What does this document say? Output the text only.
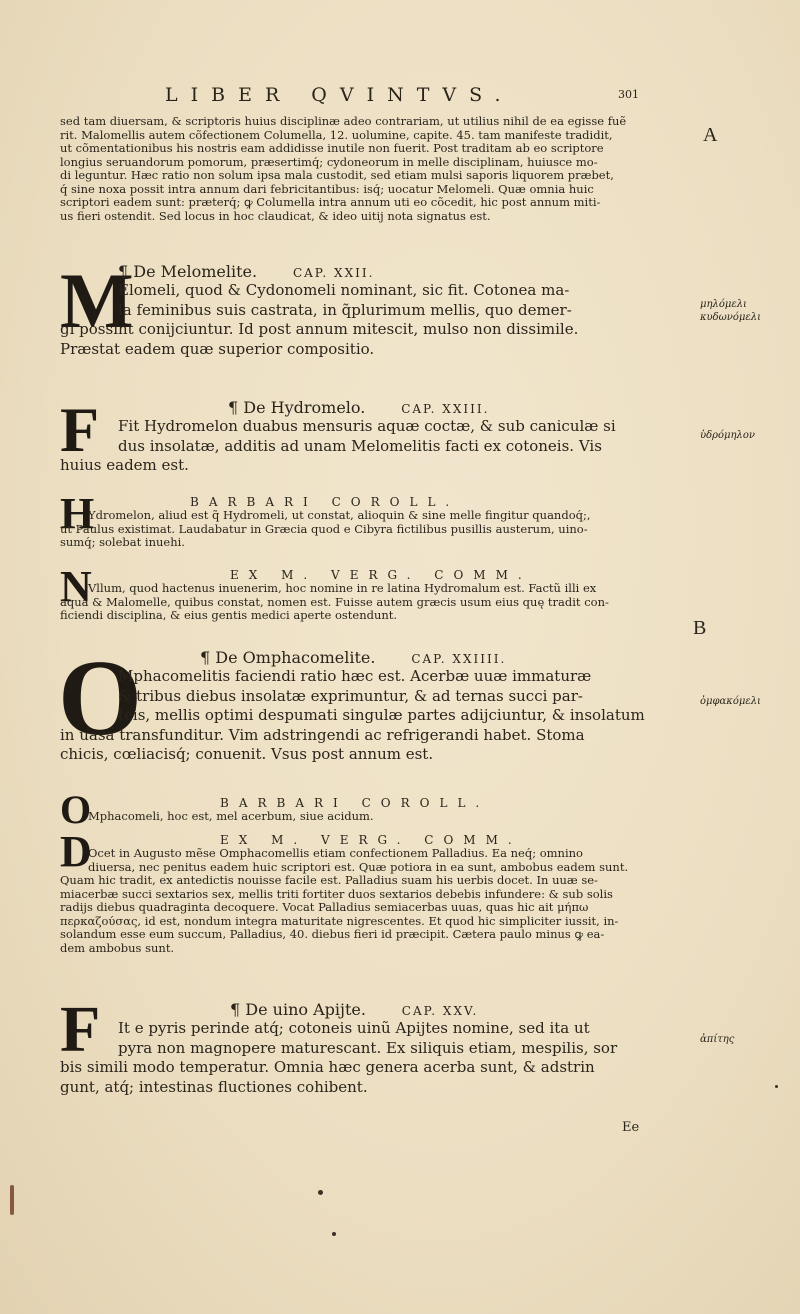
LIBER QVINTVS.	301
A
B
sed tam diuersam, & scriptoris huius disciplinæ adeo contrariam, ut utilius nihil de ea egisse fuẽ
rit. Malomellis autem cõfectionem Columella, 12. uolumine, capite. 45. tam manifeste tradidit,
ut cõmentationibus his nostris eam addidisse inutile non fuerit. Post traditam ab eo scriptore
longius seruandorum pomorum, præsertimq́; cydoneorum in melle disciplinam, huiusce mo-
di leguntur. Hæc ratio non solum ipsa mala custodit, sed etiam mulsi saporis liquorem præbet,
q́ sine noxa possit intra annum dari febricitantibus: isq́; uocatur Melomeli. Quæ omnia huic
scriptori eadem sunt: præterq́; ꝙ Columella intra annum uti eo cõcedit, hic post annum miti-
us fieri ostendit. Sed locus in hoc claudicat, & ideo uitij nota signatus est.
M
¶ De Melomelite.	CAP. XXII.
Elomeli, quod & Cydonomeli nominant, sic fit. Cotonea ma-
la feminibus suis castrata, in q̃plurimum mellis, quo demer-
gi possint conijciuntur. Id post annum mitescit, mulso non dissimile.
Præstat eadem quæ superior compositio.
μηλόμελι κυδωνόμελι
F	¶ De Hydromelo.	CAP. XXIII.
Fit Hydromelon duabus mensuris aquæ coctæ, & sub caniculæ si
dus insolatæ, additis ad unam Melomelitis facti ex cotoneis. Vis
huius eadem est.
ὑδρόμηλον
H	BARBARI COROLL.
Ydromelon, aliud est q̃ Hydromeli, ut constat, alioquin & sine melle fingitur quandoq́;,
ut Paulus existimat. Laudabatur in Græcia quod e Cibyra fictilibus pusillis austerum, uino-
sumq́; solebat inuehi.
N	EX M. VERG. COMM.
Vllum, quod hactenus inuenerim, hoc nomine in re latina Hydromalum est. Factũ illi ex
aqua & Malomelle, quibus constat, nomen est. Fuisse autem græcis usum eius quę tradit con-
ficiendi disciplina, & eius gentis medici aperte ostendunt.
O	¶ De Omphacomelite.	CAP. XXIIII.
Mphacomelitis faciendi ratio hæc est. Acerbæ uuæ immaturæ
& tribus diebus insolatæ exprimuntur, & ad ternas succi par-
teis, mellis optimi despumati singulæ partes adijciuntur, & insolatum
in uasa transfunditur. Vim adstringendi ac refrigerandi habet. Stoma
chicis, cœliacisq́; conuenit. Vsus post annum est.
ὀμφακόμελι
O	BARBARI COROLL.
Mphacomeli, hoc est, mel acerbum, siue acidum.
D	EX M. VERG. COMM.
Ocet in Augusto mẽse Omphacomellis etiam confectionem Palladius. Ea neq́; omnino
diuersa, nec penitus eadem huic scriptori est. Quæ potiora in ea sunt, ambobus eadem sunt.
Quam hic tradit, ex antedictis nouisse facile est. Palladius suam his uerbis docet. In uuæ se-
miacerbæ succi sextarios sex, mellis triti fortiter duos sextarios debebis infundere: & sub solis
radijs diebus quadraginta decoquere. Vocat Palladius semiacerbas uuas, quas hic ait μήπω
περκαζούσας, id est, nondum integra maturitate nigrescentes. Et quod hic simpliciter iussit, in-
solandum esse eum succum, Palladius, 40. diebus fieri id præcipit. Cætera paulo minus ꝙ ea-
dem ambobus sunt.
F	¶ De uino Apijte.	CAP. XXV.
It e pyris perinde atq́; cotoneis uinũ Apijtes nomine, sed ita ut
pyra non magnopere maturescant. Ex siliquis etiam, mespilis, sor
bis simili modo temperatur. Omnia hæc genera acerba sunt, & adstrin
gunt, atq́; intestinas fluctiones cohibent.
ἀπίτης
Ee
